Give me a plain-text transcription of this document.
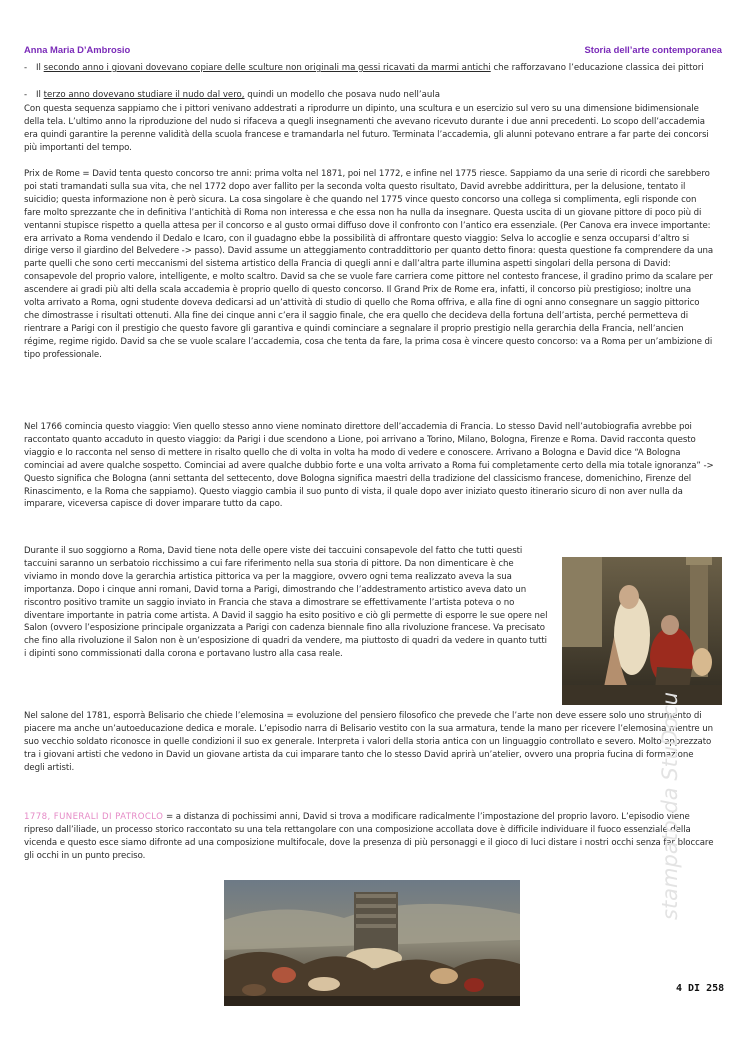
Anna Maria D’Ambrosio	Storia dell’arte contemporanea
- Il secondo anno i giovani dovevano copiare delle sculture non originali ma gessi ricavati da marmi antichi che rafforzavano l’educazione classica dei pittori
- Il terzo anno dovevano studiare il nudo dal vero, quindi un modello che posava nudo nell’aula

Con questa sequenza sappiamo che i pittori venivano addestrati a riprodurre un dipinto, una scultura e un esercizio sul vero su una dimensione bidimensionale della tela. L’ultimo anno la riproduzione del nudo si rifaceva a quegli insegnamenti che avevano ricevuto durante i due anni precedenti. Lo scopo dell’accademia era quindi garantire la perenne validità della scuola francese e tramandarla nel futuro. Terminata l’accademia, gli alunni potevano entrare a far parte dei concorsi più importanti del tempo.

Prix de Rome = David tenta questo concorso tre anni: prima volta nel 1871, poi nel 1772, e infine nel 1775 riesce. Sappiamo da una serie di ricordi che sarebbero poi stati tramandati sulla sua vita, che nel 1772 dopo aver fallito per la seconda volta questo risultato, David avrebbe addirittura, per la delusione, tentato il suicidio; questa informazione non è però sicura. La cosa singolare è che quando nel 1775 vince questo concorso una collega si complimenta, egli risponde con fare molto sprezzante che in definitiva l’antichità di Roma non interessa e che essa non ha nulla da insegnare. Questa uscita di un giovane pittore di poco più di ventanni stupisce rispetto a quella attesa per il concorso e al gusto ormai diffuso dove il confronto con l’antico era essenziale. (Per Canova era invece importante: era arrivato a Roma vendendo il Dedalo e Icaro, con il guadagno ebbe la possibilità di affrontare questo viaggio: Selva lo accoglie e senza occuparsi d’altro si dirige verso il giardino del Belvedere -> passo). David assume un atteggiamento contraddittorio per quanto detto finora: questa questione fa comprendere da una parte quelli che sono certi meccanismi del sistema artistico della Francia di quegli anni e dall’altra parte illumina aspetti singolari della persona di David: consapevole del proprio valore, intelligente, e molto scaltro. David sa che se vuole fare carriera come pittore nel contesto francese, il gradino primo da scalare per ascendere ai gradi più alti della scala accademia è proprio quello di questo concorso. Il Grand Prix de Rome era, infatti, il concorso più prestigioso; inoltre una volta arrivato a Roma, ogni studente doveva dedicarsi ad un’attività di studio di quello che Roma offriva, e alla fine di ogni anno consegnare un saggio pittorico che dimostrasse i risultati ottenuti. Alla fine dei cinque anni c’era il saggio finale, che era quello che decideva della fortuna dell’artista, perché permetteva di rientrare a Parigi con il prestigio che questo favore gli garantiva e quindi cominciare a segnalare il proprio prestigio nella gerarchia della Francia, nell’ancien régime, regime rigido. David sa che se vuole scalare l’accademia, cosa che tenta da fare, la prima cosa è vincere questo concorso: va a Roma per un’ambizione di tipo professionale.

Nel 1766 comincia questo viaggio: Vien quello stesso anno viene nominato direttore dell’accademia di Francia. Lo stesso David nell’autobiografia avrebbe poi raccontato quanto accaduto in questo viaggio: da Parigi i due scendono a Lione, poi arrivano a Torino, Milano, Bologna, Firenze e Roma. David racconta questo viaggio e lo racconta nel senso di mettere in risalto quello che di volta in volta ha modo di vedere e conoscere. Arrivano a Bologna e David dice “A Bologna cominciai ad avere qualche sospetto. Cominciai ad avere qualche dubbio forte e una volta arrivato a Roma fui completamente certo della mia totale ignoranza” -> Questo significa che Bologna (anni settanta del settecento, dove Bologna significa maestri della tradizione del classicismo francese, domenichino, Firenze del Rinascimento, e la Roma che sappiamo). Questo viaggio cambia il suo punto di vista, il quale dopo aver iniziato questo itinerario sicuro di non aver nulla da imparare, viceversa capisce di dover imparare tutto da capo.

Durante il suo soggiorno a Roma, David tiene nota delle opere viste dei taccuini consapevole del fatto che tutti questi taccuini saranno un serbatoio ricchissimo a cui fare riferimento nella sua storia di pittore. Da non dimenticare è che viviamo in mondo dove la gerarchia artistica pittorica va per la maggiore, ovvero ogni tema realizzato aveva la sua importanza. Dopo i cinque anni romani, David torna a Parigi, dimostrando che l’addestramento artistico aveva dato un riscontro positivo tramite un saggio inviato in Francia che stava a dimostrare se effettivamente l’artista poteva o no diventare importante in patria come artista. A David il saggio ha esito positivo e ciò gli permette di esporre le sue opere nel Salon (ovvero l’esposizione principale organizzata a Parigi con cadenza biennale fino alla rivoluzione francese. Va precisato che fino alla rivoluzione il Salon non è un’esposizione di quadri da vendere, ma piuttosto di quadri da vedere in quanto tutti i dipinti sono commissionati dalla corona e portavano lustro alla casa reale.

Nel salone del 1781, esporrà Belisario che chiede l’elemosina = evoluzione del pensiero filosofico che prevede che l’arte non deve essere solo uno strumento di piacere ma anche un’autoeducazione dedica e morale. L’episodio narra di Belisario vestito con la sua armatura, tende la mano per ricevere l’elemosina mentre un suo vecchio soldato riconosce in quelle condizioni il suo ex generale. Interpreta i valori della storia antica con un linguaggio controllato e severo. Molto apprezzato tra i giovani artisti che vedono in David un giovane artista da cui imparare tanto che lo stesso David aprirà un’atelier, ovvero una propria fucina di formazione degli artisti.

1778, FUNERALI DI PATROCLO = a distanza di pochissimi anni, David si trova a modificare radicalmente l’impostazione del proprio lavoro. L’episodio viene ripreso dall’iliade, un processo storico raccontato su una tela rettangolare con una composizione accollata dove è difficile individuare il fuoco essenziale della vicenda e questo esce siamo difronte ad una composizione multifocale, dove la presenza di più personaggi e il gioco di luci distare i nostri occhi senza far bloccare gli occhi in un punto preciso.	stampato da StuDocu
4 DI 258
